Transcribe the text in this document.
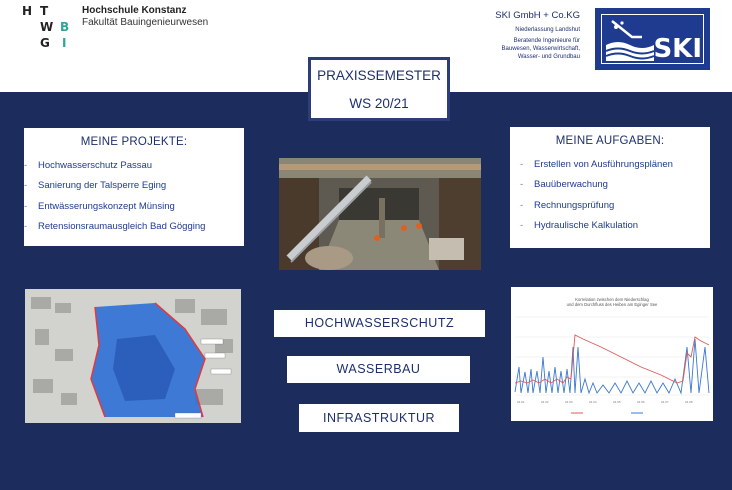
H T
W
G
B
I
Hochschule Konstanz
Fakultät Bauingenieurwesen
SKI GmbH + Co.KG
Niederlassung Landshut
Beratende Ingenieure für
Bauwesen, Wasserwirtschaft,
Wasser- und Grundbau	SKI
PRAXISSEMESTER
WS 20/21
MEINE PROJEKTE:
- Hochwasserschutz Passau
- Sanierung der Talsperre Eging
- Entwässerungskonzept Münsing
- Retensionsraumausgleich Bad Gögging
MEINE AUFGABEN:
- Erstellen von Ausführungsplänen
- Bauüberwachung
- Rechnungsprüfung
- Hydraulische Kalkulation
Korrelation zwischen dem Niederschlag
und dem Durchfluss des Heiben am Eginger See
01.01	01.02	01.03	01.04	01.05	01.06	01.07	01.08
HOCHWASSERSCHUTZ
WASSERBAU
INFRASTRUKTUR
